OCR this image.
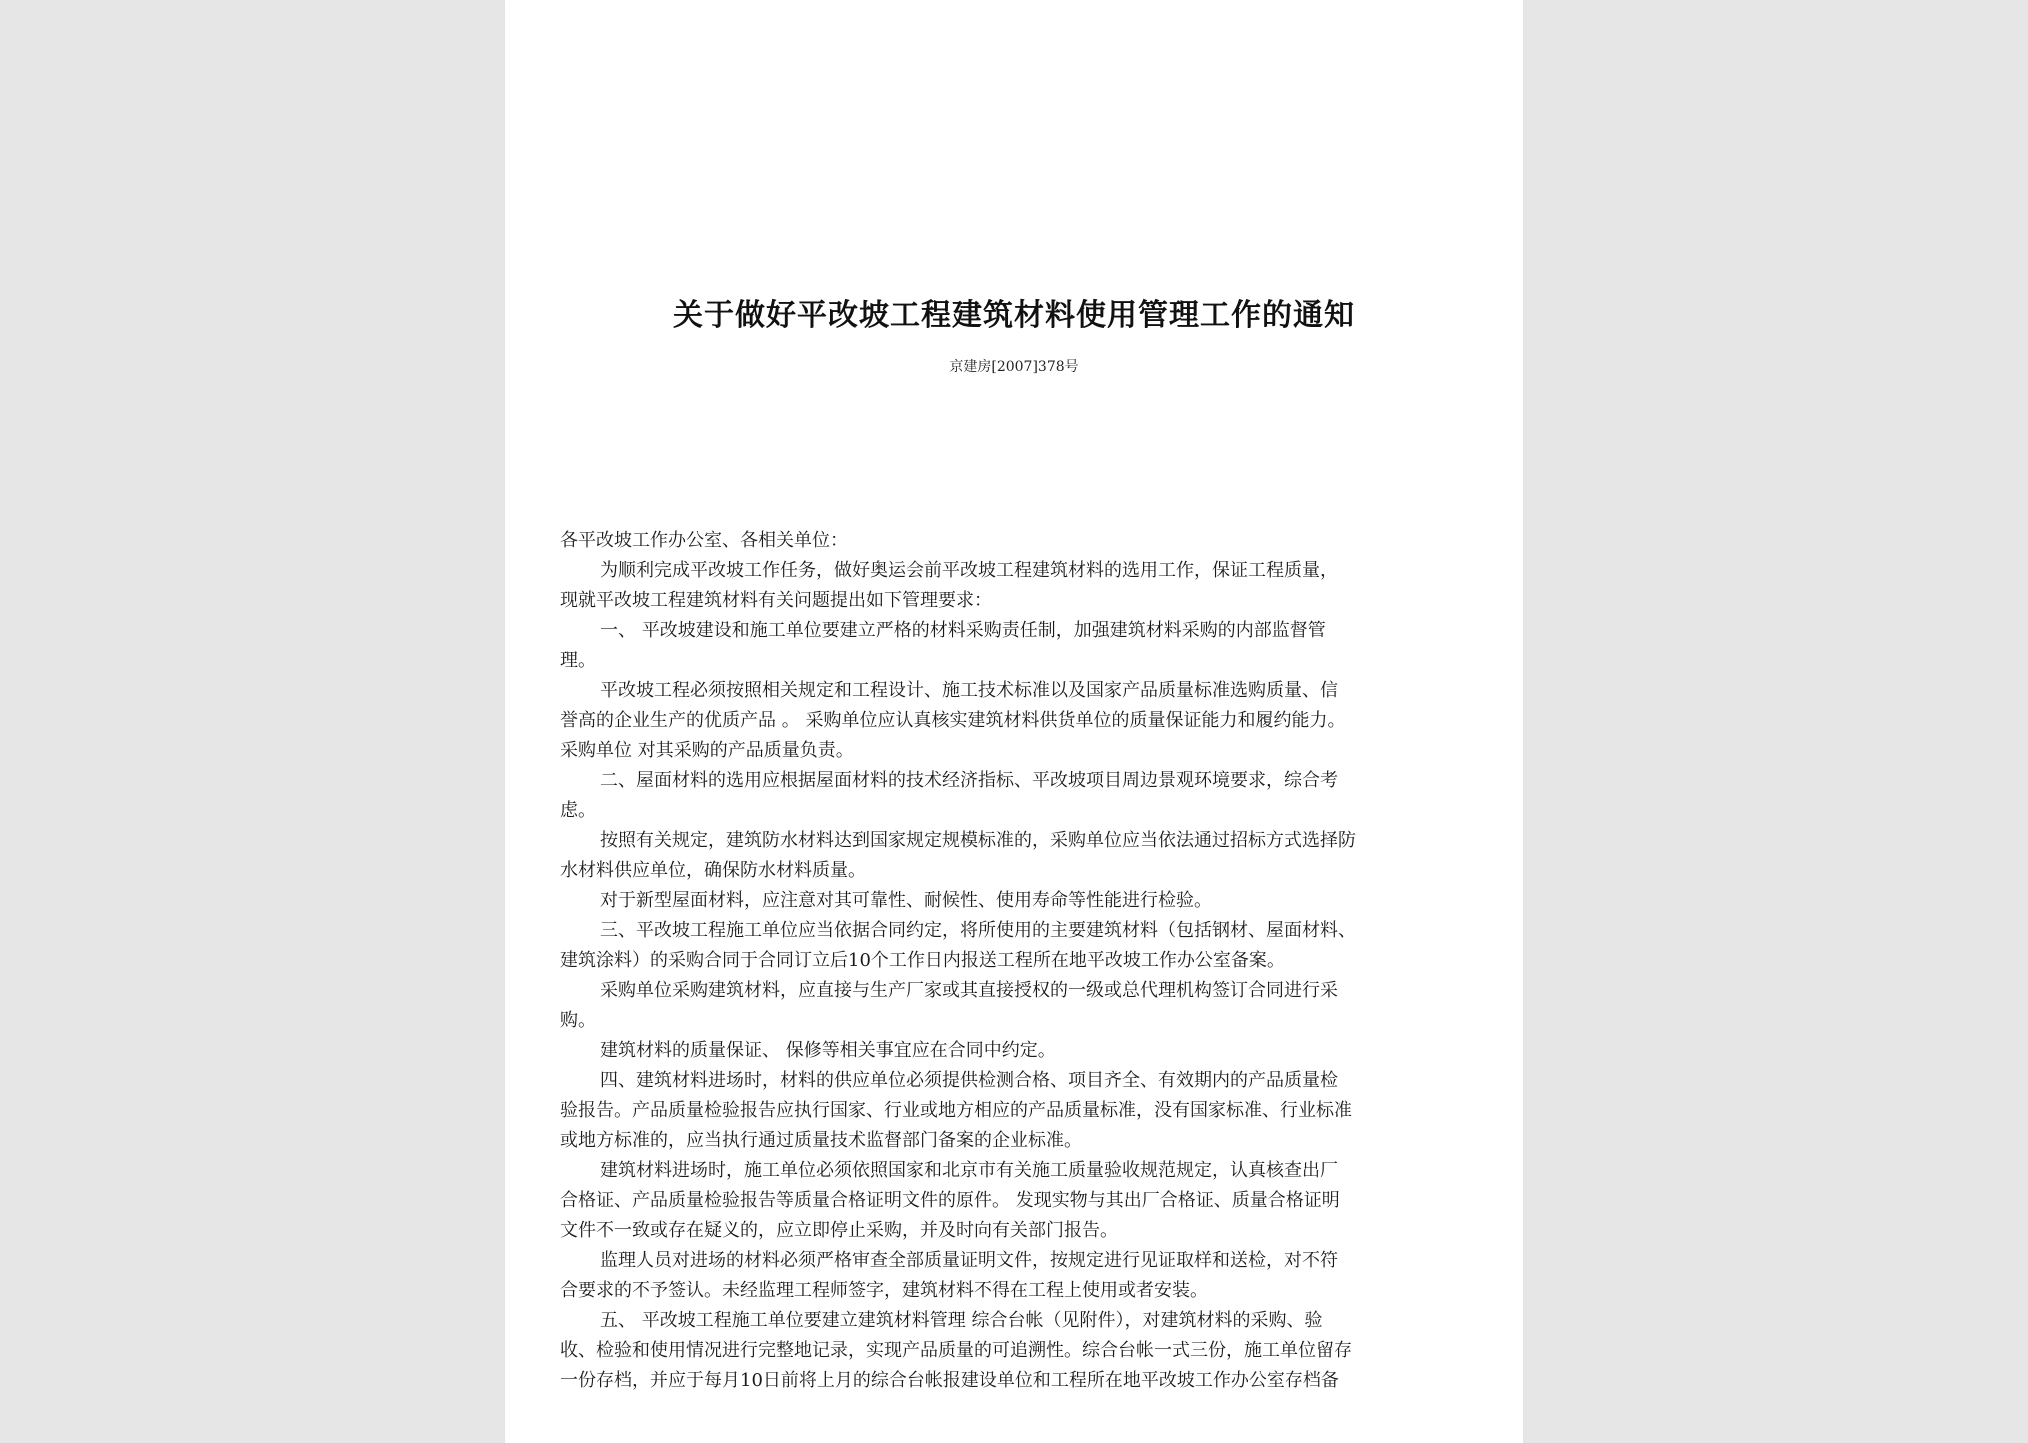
关于做好平改坡工程建筑材料使用管理工作的通知
京建房[2007]378号
各平改坡工作办公室、各相关单位：
为顺利完成平改坡工作任务，做好奥运会前平改坡工程建筑材料的选用工作，保证工程质量，
现就平改坡工程建筑材料有关问题提出如下管理要求：
一、 平改坡建设和施工单位要建立严格的材料采购责任制，加强建筑材料采购的内部监督管
理。
平改坡工程必须按照相关规定和工程设计、施工技术标准以及国家产品质量标准选购质量、信
誉高的企业生产的优质产品 。 采购单位应认真核实建筑材料供货单位的质量保证能力和履约能力。
采购单位 对其采购的产品质量负责。
二、屋面材料的选用应根据屋面材料的技术经济指标、平改坡项目周边景观环境要求，综合考
虑。
按照有关规定，建筑防水材料达到国家规定规模标准的，采购单位应当依法通过招标方式选择防
水材料供应单位，确保防水材料质量。
对于新型屋面材料，应注意对其可靠性、耐候性、使用寿命等性能进行检验。
三、平改坡工程施工单位应当依据合同约定，将所使用的主要建筑材料（包括钢材、屋面材料、
建筑涂料）的采购合同于合同订立后10个工作日内报送工程所在地平改坡工作办公室备案。
采购单位采购建筑材料，应直接与生产厂家或其直接授权的一级或总代理机构签订合同进行采
购。
建筑材料的质量保证、 保修等相关事宜应在合同中约定。
四、建筑材料进场时，材料的供应单位必须提供检测合格、项目齐全、有效期内的产品质量检
验报告。产品质量检验报告应执行国家、行业或地方相应的产品质量标准，没有国家标准、行业标准
或地方标准的，应当执行通过质量技术监督部门备案的企业标准。
建筑材料进场时，施工单位必须依照国家和北京市有关施工质量验收规范规定，认真核查出厂
合格证、产品质量检验报告等质量合格证明文件的原件。 发现实物与其出厂合格证、质量合格证明
文件不一致或存在疑义的，应立即停止采购，并及时向有关部门报告。
监理人员对进场的材料必须严格审查全部质量证明文件，按规定进行见证取样和送检，对不符
合要求的不予签认。未经监理工程师签字，建筑材料不得在工程上使用或者安装。
五、 平改坡工程施工单位要建立建筑材料管理 综合台帐（见附件），对建筑材料的采购、验
收、检验和使用情况进行完整地记录，实现产品质量的可追溯性。综合台帐一式三份，施工单位留存
一份存档，并应于每月10日前将上月的综合台帐报建设单位和工程所在地平改坡工作办公室存档备
